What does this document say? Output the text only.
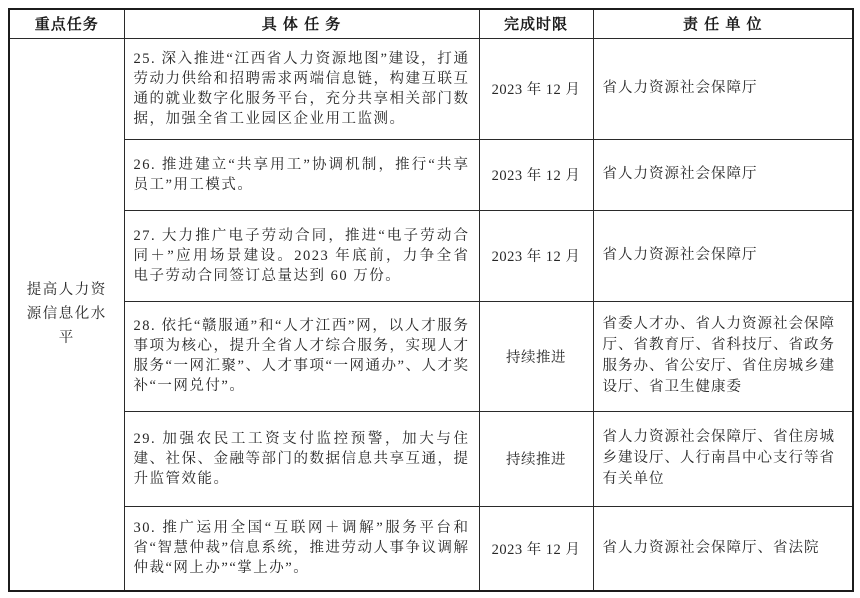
重点任务	具 体 任 务	完成时限	责 任 单 位
提高人力资源信息化水平	25. 深入推进“江西省人力资源地图”建设，打通劳动力供给和招聘需求两端信息链，构建互联互通的就业数字化服务平台，充分共享相关部门数据，加强全省工业园区企业用工监测。	2023 年 12 月	省人力资源社会保障厅
	26. 推进建立“共享用工”协调机制，推行“共享员工”用工模式。	2023 年 12 月	省人力资源社会保障厅
	27. 大力推广电子劳动合同，推进“电子劳动合同＋”应用场景建设。2023 年底前，力争全省电子劳动合同签订总量达到 60 万份。	2023 年 12 月	省人力资源社会保障厅
	28. 依托“赣服通”和“人才江西”网，以人才服务事项为核心，提升全省人才综合服务，实现人才服务“一网汇聚”、人才事项“一网通办”、人才奖补“一网兑付”。	持续推进	省委人才办、省人力资源社会保障厅、省教育厅、省科技厅、省政务服务办、省公安厅、省住房城乡建设厅、省卫生健康委
	29. 加强农民工工资支付监控预警，加大与住建、社保、金融等部门的数据信息共享互通，提升监管效能。	持续推进	省人力资源社会保障厅、省住房城乡建设厅、人行南昌中心支行等省有关单位
	30. 推广运用全国“互联网＋调解”服务平台和省“智慧仲裁”信息系统，推进劳动人事争议调解仲裁“网上办”“掌上办”。	2023 年 12 月	省人力资源社会保障厅、省法院
